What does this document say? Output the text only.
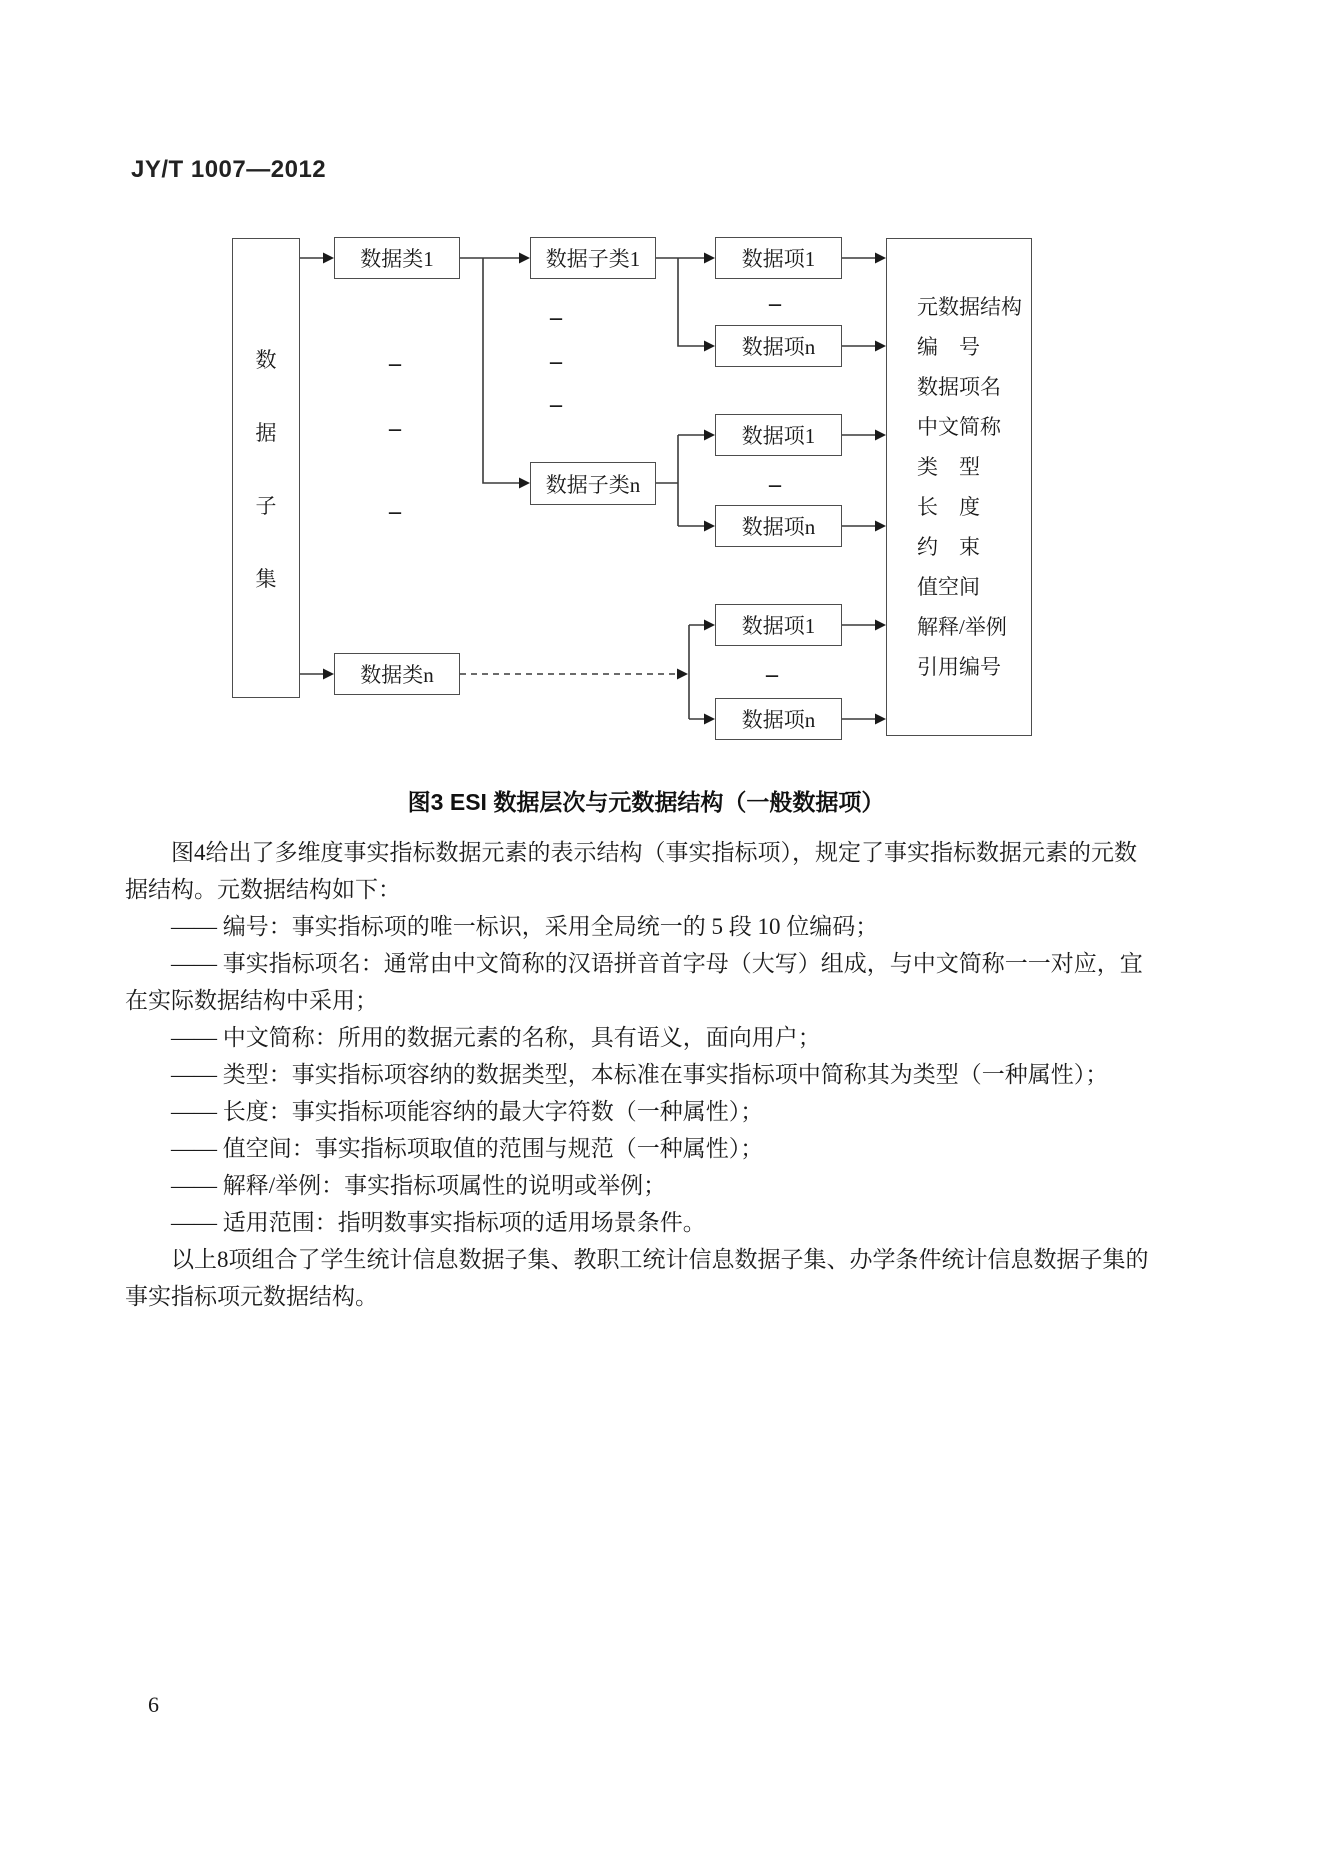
JY/T 1007—2012
数
据
子
集
数据类1
数据类n
数据子类1
数据子类n
数据项1
数据项n
数据项1
数据项n
数据项1
数据项n
元数据结构
编　号
数据项名
中文简称
类　型
长　度
约　束
值空间
解释/举例
引用编号
–
–
–
–
–
–
–
–
–
图3 ESI 数据层次与元数据结构（一般数据项）
图4给出了多维度事实指标数据元素的表示结构（事实指标项），规定了事实指标数据元素的元数
据结构。元数据结构如下：
—— 编号：事实指标项的唯一标识，采用全局统一的 5 段 10 位编码；
—— 事实指标项名：通常由中文简称的汉语拼音首字母（大写）组成，与中文简称一一对应，宜
在实际数据结构中采用；
—— 中文简称：所用的数据元素的名称，具有语义，面向用户；
—— 类型：事实指标项容纳的数据类型，本标准在事实指标项中简称其为类型（一种属性）；
—— 长度：事实指标项能容纳的最大字符数（一种属性）；
—— 值空间：事实指标项取值的范围与规范（一种属性）；
—— 解释/举例：事实指标项属性的说明或举例；
—— 适用范围：指明数事实指标项的适用场景条件。
以上8项组合了学生统计信息数据子集、教职工统计信息数据子集、办学条件统计信息数据子集的
事实指标项元数据结构。
6
